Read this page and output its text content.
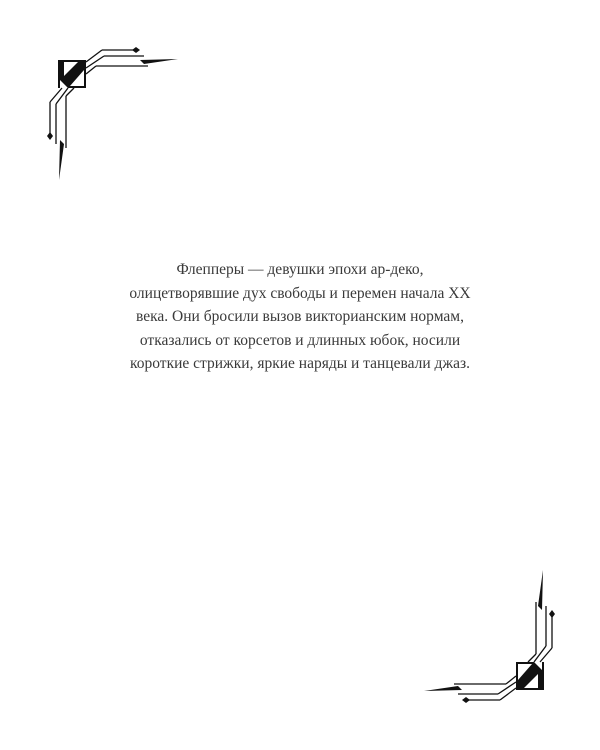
Флепперы — девушки эпохи ар-деко, олицетворявшие дух свободы и перемен начала XX века. Они бросили вызов викторианским нормам, отказались от корсетов и длинных юбок, носили короткие стрижки, яркие наряды и танцевали джаз.
